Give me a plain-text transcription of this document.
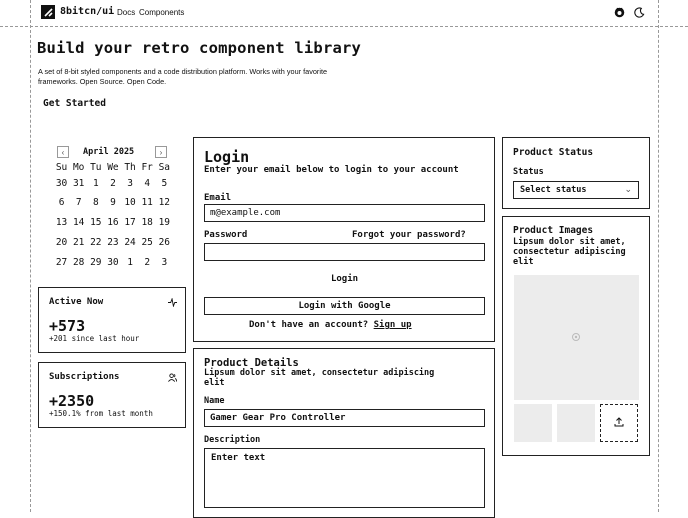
8bitcn/ui Docs Components
Build your retro component library
A set of 8-bit styled components and a code distribution platform. Works with your favorite
frameworks. Open Source. Open Code.
Get Started
‹ April 2025	›
Su Mo Tu We Th Fr Sa
30 31 1	2	3	4	5
6	7	8	9 10 11 12
13 14 15 16 17 18 19
20 21 22 23 24 25 26
27 28 29 30 1	2	3
Active Now
+573
+201 since last hour
Subscriptions
+2350
+150.1% from last month
Login
Enter your email below to login to your account
Email
m@example.com
Password	Forgot your password?
Login
Login with Google
Don't have an account? Sign up
Product Details
Lipsum dolor sit amet, consectetur adipiscing elit
Name
Gamer Gear Pro Controller
Description
Enter text
Product Status
Status
Select status	⌄
Product Images
Lipsum dolor sit amet, consectetur adipiscing elit
